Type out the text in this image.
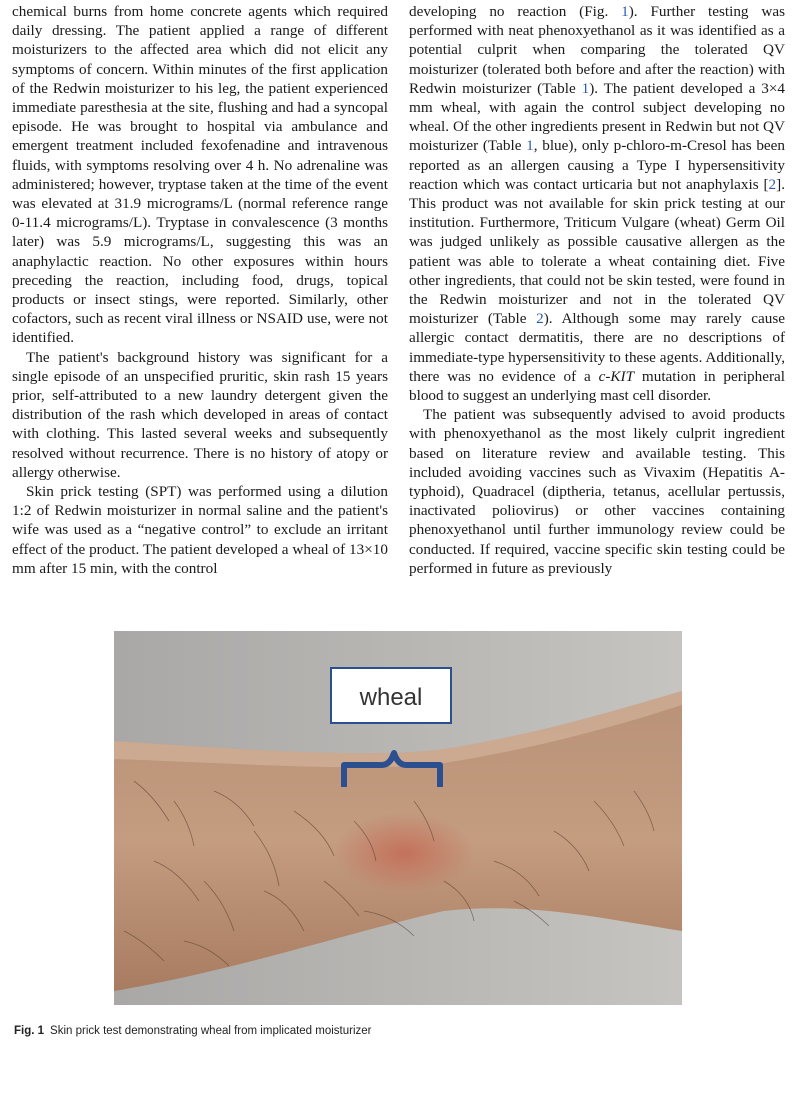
chemical burns from home concrete agents which required daily dressing. The patient applied a range of different moisturizers to the affected area which did not elicit any symptoms of concern. Within minutes of the first application of the Redwin moisturizer to his leg, the patient experienced immediate paresthesia at the site, flushing and had a syncopal episode. He was brought to hospital via ambulance and emergent treatment included fexofenadine and intravenous fluids, with symptoms resolving over 4 h. No adrenaline was administered; however, tryptase taken at the time of the event was elevated at 31.9 micrograms/L (normal reference range 0-11.4 micrograms/L). Tryptase in convalescence (3 months later) was 5.9 micrograms/L, suggesting this was an anaphylactic reaction. No other exposures within hours preceding the reaction, including food, drugs, topical products or insect stings, were reported. Similarly, other cofactors, such as recent viral illness or NSAID use, were not identified.

The patient's background history was significant for a single episode of an unspecified pruritic, skin rash 15 years prior, self-attributed to a new laundry detergent given the distribution of the rash which developed in areas of contact with clothing. This lasted several weeks and subsequently resolved without recurrence. There is no history of atopy or allergy otherwise.

Skin prick testing (SPT) was performed using a dilution 1:2 of Redwin moisturizer in normal saline and the patient's wife was used as a “negative control” to exclude an irritant effect of the product. The patient developed a wheal of 13×10 mm after 15 min, with the control

developing no reaction (Fig. 1). Further testing was performed with neat phenoxyethanol as it was identified as a potential culprit when comparing the tolerated QV moisturizer (tolerated both before and after the reaction) with Redwin moisturizer (Table 1). The patient developed a 3×4 mm wheal, with again the control subject developing no wheal. Of the other ingredients present in Redwin but not QV moisturizer (Table 1, blue), only p-chloro-m-Cresol has been reported as an allergen causing a Type I hypersensitivity reaction which was contact urticaria but not anaphylaxis [2]. This product was not available for skin prick testing at our institution. Furthermore, Triticum Vulgare (wheat) Germ Oil was judged unlikely as possible causative allergen as the patient was able to tolerate a wheat containing diet. Five other ingredients, that could not be skin tested, were found in the Redwin moisturizer and not in the tolerated QV moisturizer (Table 2). Although some may rarely cause allergic contact dermatitis, there are no descriptions of immediate-type hypersensitivity to these agents. Additionally, there was no evidence of a c-KIT mutation in peripheral blood to suggest an underlying mast cell disorder.

The patient was subsequently advised to avoid products with phenoxyethanol as the most likely culprit ingredient based on literature review and available testing. This included avoiding vaccines such as Vivaxim (Hepatitis A-typhoid), Quadracel (diptheria, tetanus, acellular pertussis, inactivated poliovirus) or other vaccines containing phenoxyethanol until further immunology review could be conducted. If required, vaccine specific skin testing could be performed in future as previously

wheal
Fig. 1 Skin prick test demonstrating wheal from implicated moisturizer
